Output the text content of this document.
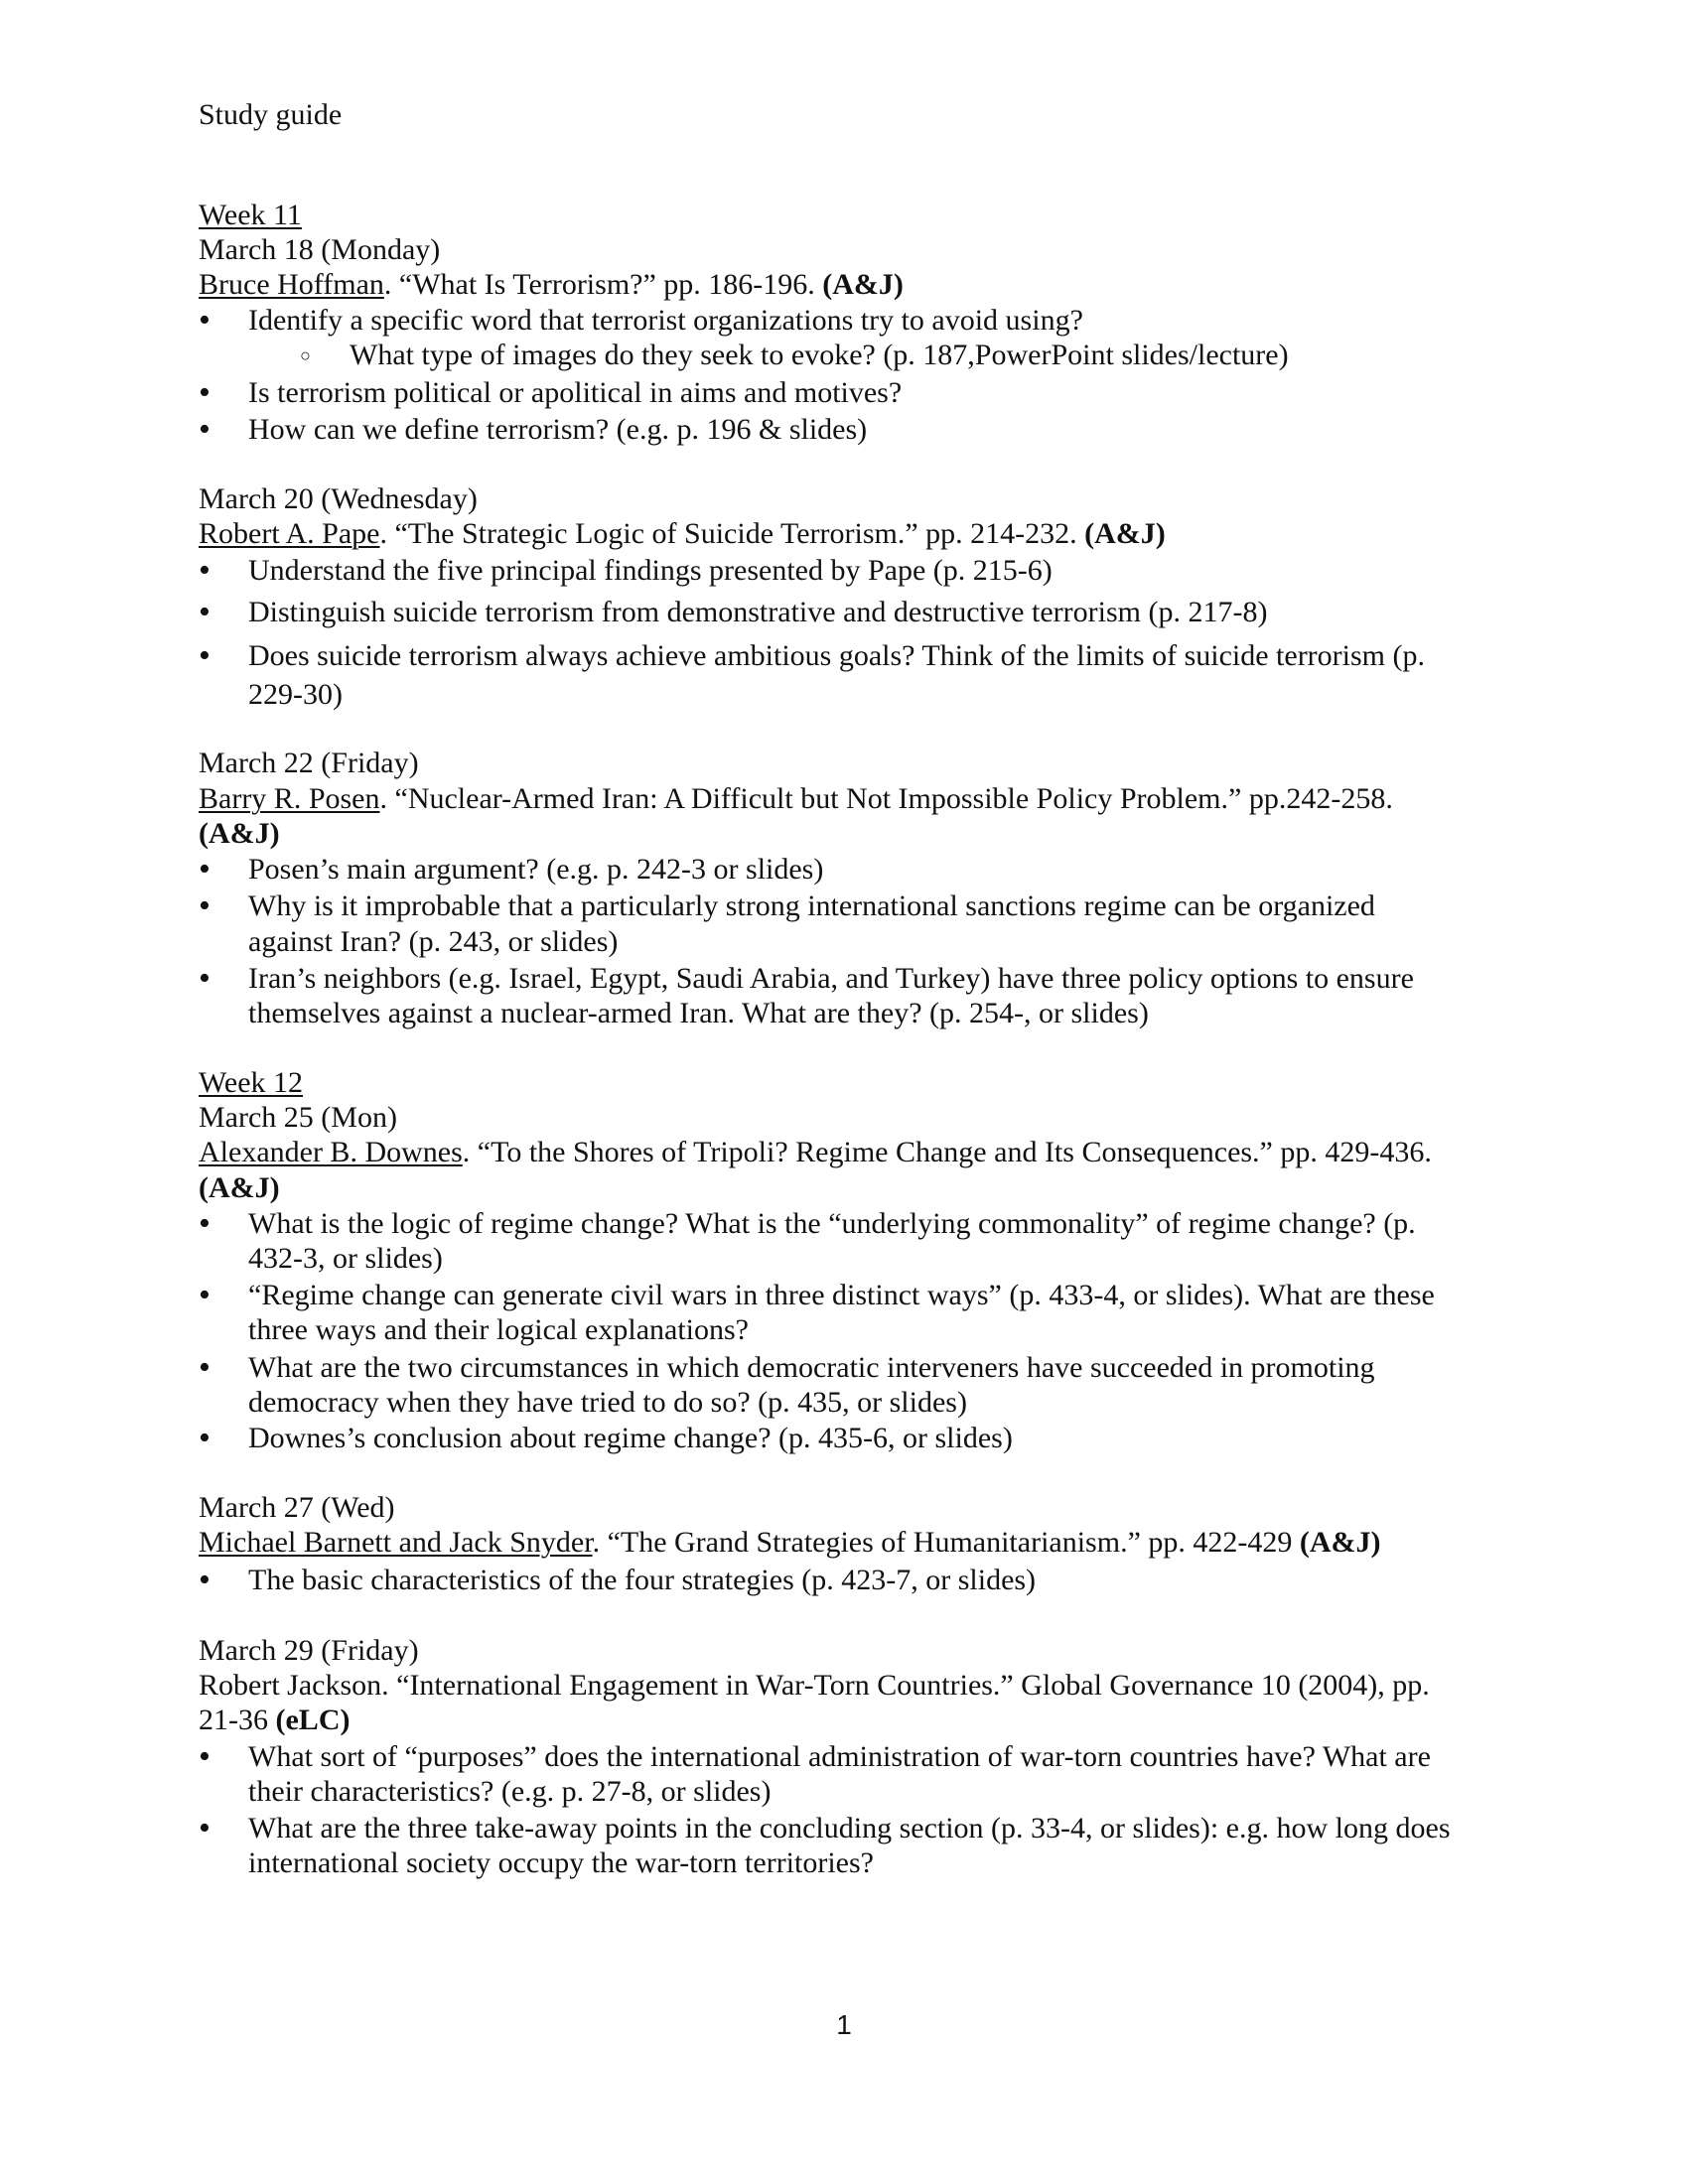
Study guide
Week 11
March 18 (Monday)
Bruce Hoffman. “What Is Terrorism?” pp. 186-196. (A&J)
•
Identify a specific word that terrorist organizations try to avoid using?
○
What type of images do they seek to evoke? (p. 187,PowerPoint slides/lecture)
•
Is terrorism political or apolitical in aims and motives?
•
How can we define terrorism? (e.g. p. 196 & slides)
March 20 (Wednesday)
Robert A. Pape. “The Strategic Logic of Suicide Terrorism.” pp. 214-232. (A&J)
•
Understand the five principal findings presented by Pape (p. 215-6)
•
Distinguish suicide terrorism from demonstrative and destructive terrorism (p. 217-8)
•
Does suicide terrorism always achieve ambitious goals? Think of the limits of suicide terrorism (p.
229-30)
March 22 (Friday)
Barry R. Posen. “Nuclear-Armed Iran: A Difficult but Not Impossible Policy Problem.” pp.242-258.
(A&J)
•
Posen’s main argument? (e.g. p. 242-3 or slides)
•
Why is it improbable that a particularly strong international sanctions regime can be organized
against Iran? (p. 243, or slides)
•
Iran’s neighbors (e.g. Israel, Egypt, Saudi Arabia, and Turkey) have three policy options to ensure
themselves against a nuclear-armed Iran. What are they? (p. 254-, or slides)
Week 12
March 25 (Mon)
Alexander B. Downes. “To the Shores of Tripoli? Regime Change and Its Consequences.” pp. 429-436.
(A&J)
•
What is the logic of regime change? What is the “underlying commonality” of regime change? (p.
432-3, or slides)
•
“Regime change can generate civil wars in three distinct ways” (p. 433-4, or slides). What are these
three ways and their logical explanations?
•
What are the two circumstances in which democratic interveners have succeeded in promoting
democracy when they have tried to do so? (p. 435, or slides)
•
Downes’s conclusion about regime change? (p. 435-6, or slides)
March 27 (Wed)
Michael Barnett and Jack Snyder. “The Grand Strategies of Humanitarianism.” pp. 422-429 (A&J)
•
The basic characteristics of the four strategies (p. 423-7, or slides)
March 29 (Friday)
Robert Jackson. “International Engagement in War-Torn Countries.” Global Governance 10 (2004), pp.
21-36 (eLC)
•
What sort of “purposes” does the international administration of war-torn countries have? What are
their characteristics? (e.g. p. 27-8, or slides)
•
What are the three take-away points in the concluding section (p. 33-4, or slides): e.g. how long does
international society occupy the war-torn territories?
1
